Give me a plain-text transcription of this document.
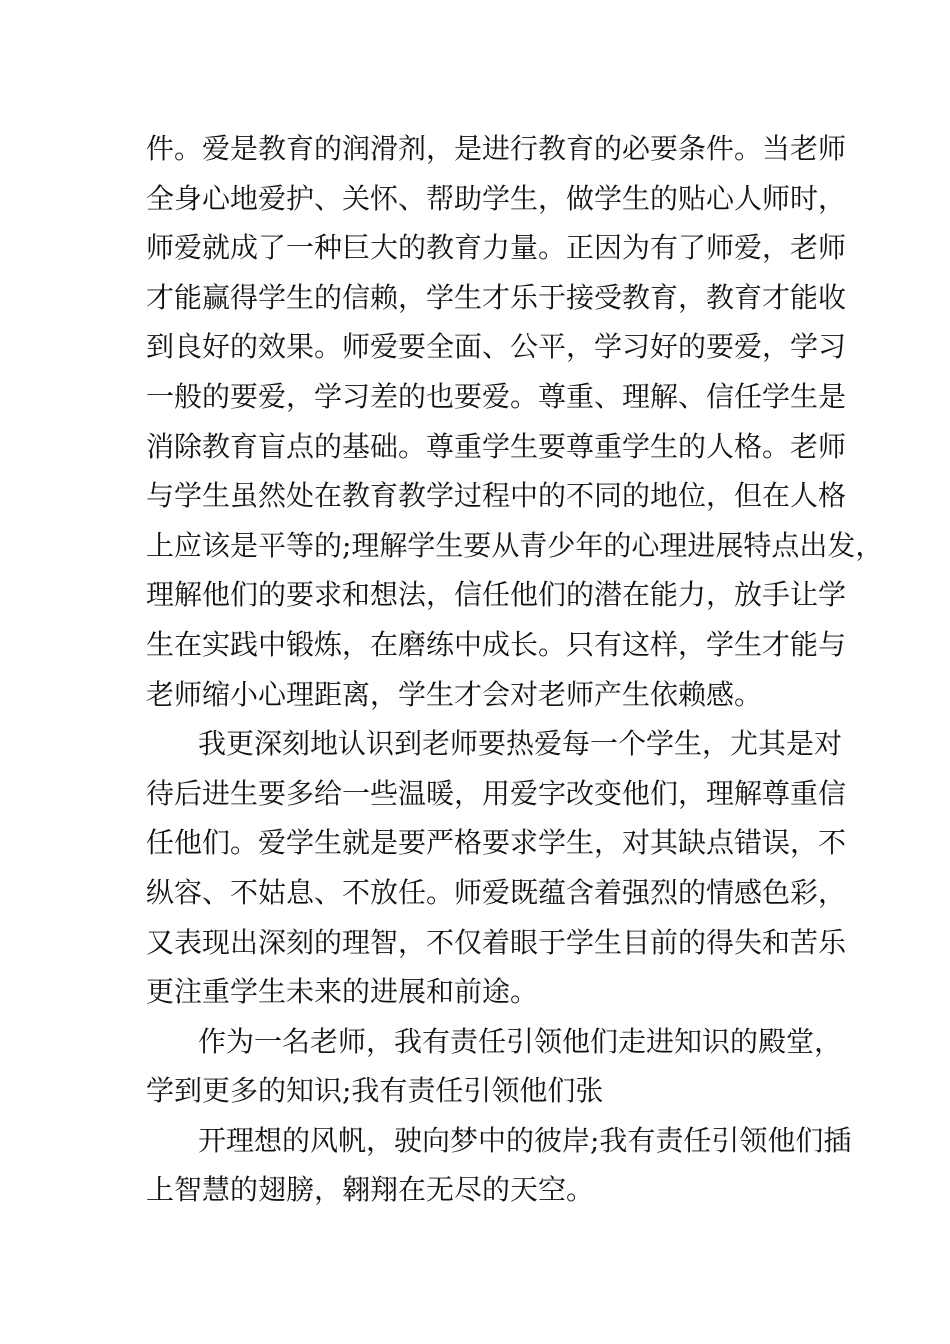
件。爱是教育的润滑剂，是进行教育的必要条件。当老师
全身心地爱护、关怀、帮助学生，做学生的贴心人师时，
师爱就成了一种巨大的教育力量。正因为有了师爱，老师
才能赢得学生的信赖，学生才乐于接受教育，教育才能收
到良好的效果。师爱要全面、公平，学习好的要爱，学习
一般的要爱，学习差的也要爱。尊重、理解、信任学生是
消除教育盲点的基础。尊重学生要尊重学生的人格。老师
与学生虽然处在教育教学过程中的不同的地位，但在人格
上应该是平等的;理解学生要从青少年的心理进展特点出发，
理解他们的要求和想法，信任他们的潜在能力，放手让学
生在实践中锻炼，在磨练中成长。只有这样，学生才能与
老师缩小心理距离，学生才会对老师产生依赖感。
我更深刻地认识到老师要热爱每一个学生，尤其是对
待后进生要多给一些温暖，用爱字改变他们，理解尊重信
任他们。爱学生就是要严格要求学生，对其缺点错误，不
纵容、不姑息、不放任。师爱既蕴含着强烈的情感色彩，
又表现出深刻的理智，不仅着眼于学生目前的得失和苦乐
更注重学生未来的进展和前途。
作为一名老师，我有责任引领他们走进知识的殿堂，
学到更多的知识;我有责任引领他们张
开理想的风帆，驶向梦中的彼岸;我有责任引领他们插
上智慧的翅膀，翱翔在无尽的天空。
